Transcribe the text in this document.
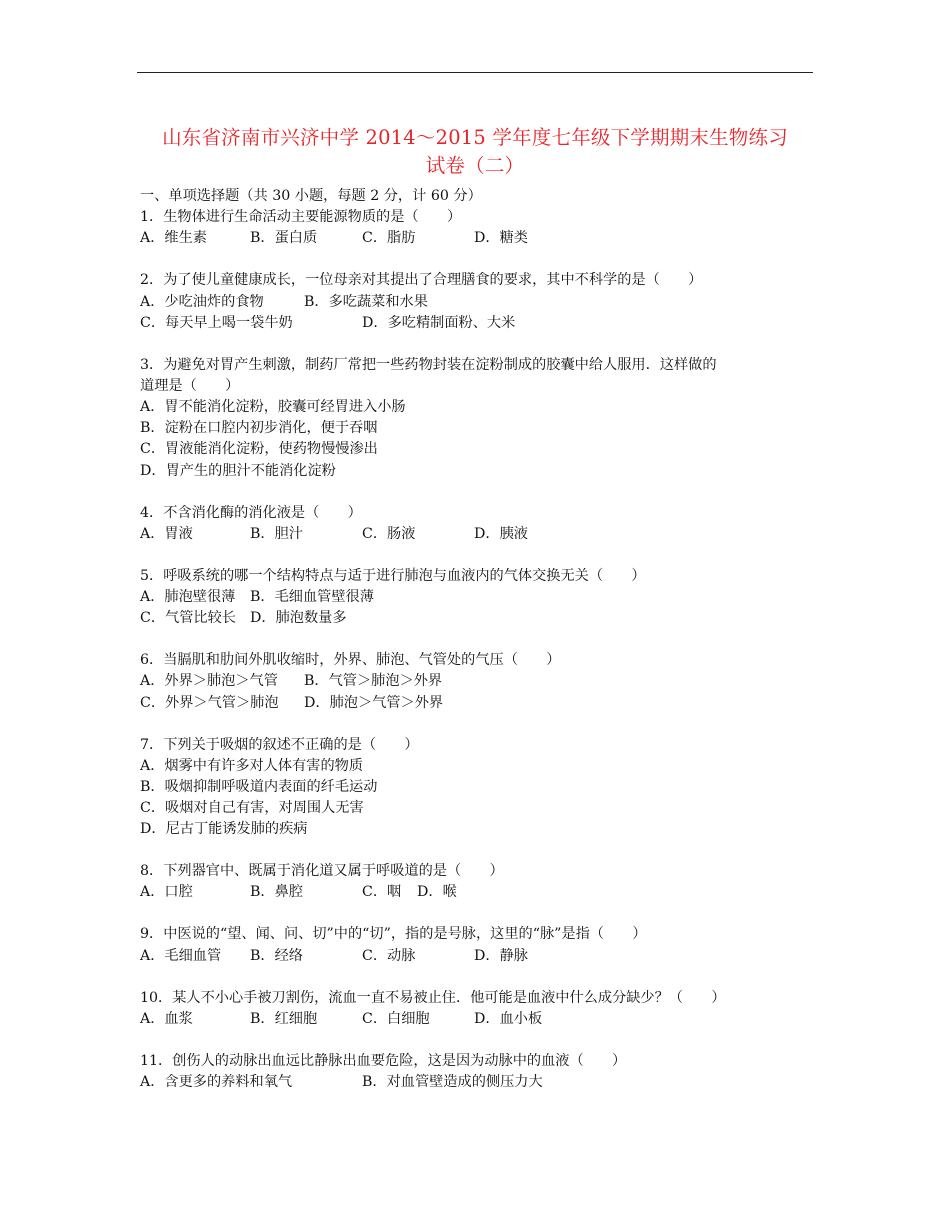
山东省济南市兴济中学 2014～2015 学年度七年级下学期期末生物练习
试卷（二）
一、单项选择题（共 30 小题，每题 2 分，计 60 分）
1．生物体进行生命活动主要能源物质的是（　　）
A．维生素	B．蛋白质	C．脂肪	D．糖类
2．为了使儿童健康成长，一位母亲对其提出了合理膳食的要求，其中不科学的是（　　）
A．少吃油炸的食物	B．多吃蔬菜和水果
C．每天早上喝一袋牛奶	D．多吃精制面粉、大米
3．为避免对胃产生刺激，制药厂常把一些药物封装在淀粉制成的胶囊中给人服用．这样做的
道理是（　　）
A．胃不能消化淀粉，胶囊可经胃进入小肠
B．淀粉在口腔内初步消化，便于吞咽
C．胃液能消化淀粉，使药物慢慢渗出
D．胃产生的胆汁不能消化淀粉
4．不含消化酶的消化液是（　　）
A．胃液	B．胆汁	C．肠液	D．胰液
5．呼吸系统的哪一个结构特点与适于进行肺泡与血液内的气体交换无关（　　）
A．肺泡壁很薄 B．毛细血管壁很薄
C．气管比较长 D．肺泡数量多
6．当膈肌和肋间外肌收缩时，外界、肺泡、气管处的气压（　　）
A．外界＞肺泡＞气管 B．气管＞肺泡＞外界
C．外界＞气管＞肺泡 D．肺泡＞气管＞外界
7．下列关于吸烟的叙述不正确的是（　　）
A．烟雾中有许多对人体有害的物质
B．吸烟抑制呼吸道内表面的纤毛运动
C．吸烟对自己有害，对周围人无害
D．尼古丁能诱发肺的疾病
8．下列器官中、既属于消化道又属于呼吸道的是（　　）
A．口腔	B．鼻腔	C．咽 D．喉
9．中医说的“望、闻、问、切”中的“切”，指的是号脉，这里的“脉”是指（　　）
A．毛细血管 B．经络	C．动脉	D．静脉
10．某人不小心手被刀割伤，流血一直不易被止住．他可能是血液中什么成分缺少？（　　）
A．血浆	B．红细胞	C．白细胞	D．血小板
11．创伤人的动脉出血远比静脉出血要危险，这是因为动脉中的血液（　　）
A．含更多的养料和氧气	B．对血管壁造成的侧压力大
